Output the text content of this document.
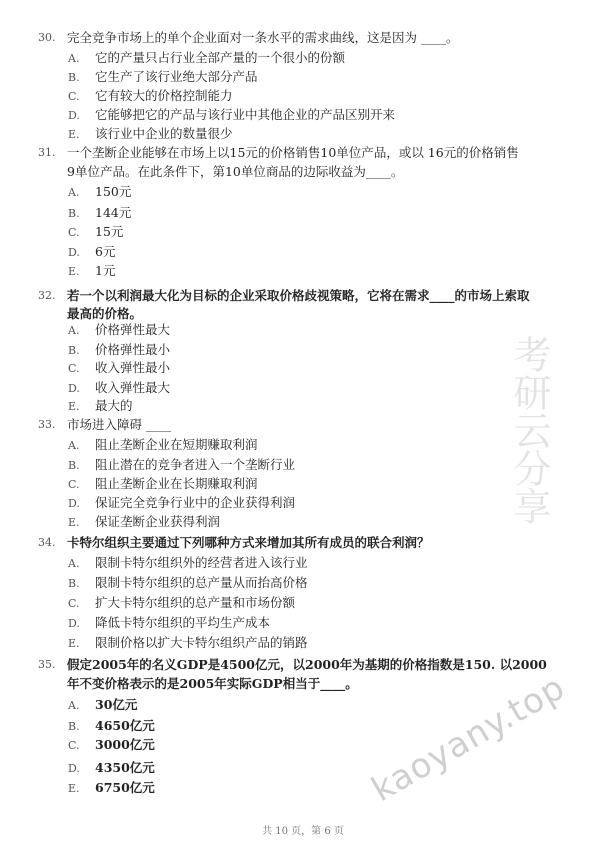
考研云分享
kaoyany.top
30. 完全竞争市场上的单个企业面对一条水平的需求曲线，这是因为 ____。
A. 它的产量只占行业全部产量的一个很小的份额
B. 它生产了该行业绝大部分产品
C. 它有较大的价格控制能力
D. 它能够把它的产品与该行业中其他企业的产品区别开来
E. 该行业中企业的数量很少
31. 一个垄断企业能够在市场上以15元的价格销售10单位产品，或以 16元的价格销售
9单位产品。在此条件下，第10单位商品的边际收益为____。
A. 150元
B. 144元
C. 15元
D. 6元
E. 1元
32. 若一个以利润最大化为目标的企业采取价格歧视策略，它将在需求____的市场上索取
最高的价格。
A. 价格弹性最大
B. 价格弹性最小
C. 收入弹性最小
D. 收入弹性最大
E. 最大的
33. 市场进入障碍 ____
A. 阻止垄断企业在短期赚取利润
B. 阻止潜在的竞争者进入一个垄断行业
C. 阻止垄断企业在长期赚取利润
D. 保证完全竞争行业中的企业获得利润
E. 保证垄断企业获得利润
34. 卡特尔组织主要通过下列哪种方式来增加其所有成员的联合利润？
A. 限制卡特尔组织外的经营者进入该行业
B. 限制卡特尔组织的总产量从而抬高价格
C. 扩大卡特尔组织的总产量和市场份额
D. 降低卡特尔组织的平均生产成本
E. 限制价格以扩大卡特尔组织产品的销路
35. 假定2005年的名义GDP是4500亿元，以2000年为基期的价格指数是150. 以2000
年不变价格表示的是2005年实际GDP相当于____。
A. 30亿元
B. 4650亿元
C. 3000亿元
D. 4350亿元
E. 6750亿元
共 10 页，第 6 页
